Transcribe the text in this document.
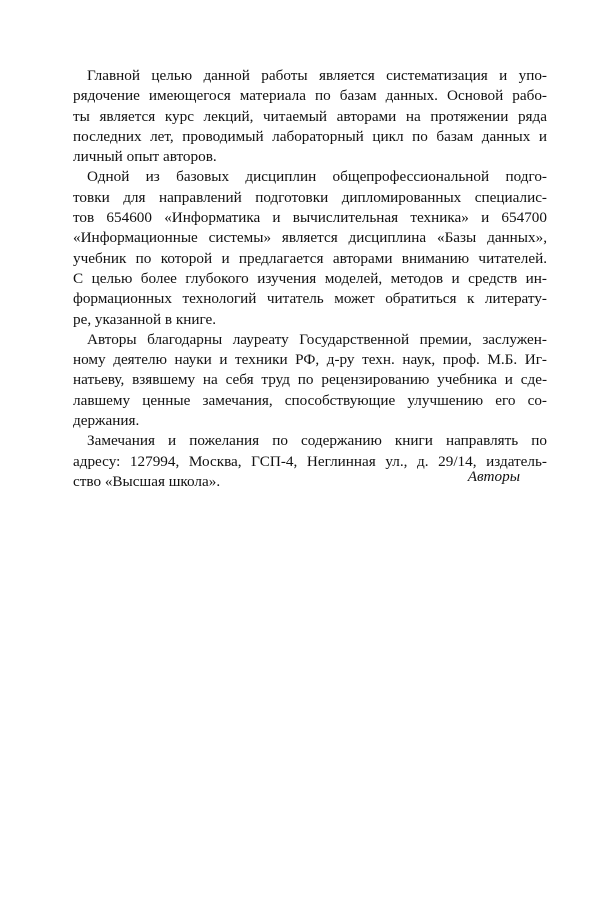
Главной целью данной работы является систематизация и упо-
рядочение имеющегося материала по базам данных. Основой рабо-
ты является курс лекций, читаемый авторами на протяжении ряда
последних лет, проводимый лабораторный цикл по базам данных и
личный опыт авторов.
Одной из базовых дисциплин общепрофессиональной подго-
товки для направлений подготовки дипломированных специалис-
тов 654600 «Информатика и вычислительная техника» и 654700
«Информационные системы» является дисциплина «Базы данных»,
учебник по которой и предлагается авторами вниманию читателей.
С целью более глубокого изучения моделей, методов и средств ин-
формационных технологий читатель может обратиться к литерату-
ре, указанной в книге.
Авторы благодарны лауреату Государственной премии, заслужен-
ному деятелю науки и техники РФ, д-ру техн. наук, проф. М.Б. Иг-
натьеву, взявшему на себя труд по рецензированию учебника и сде-
лавшему ценные замечания, способствующие улучшению его со-
держания.
Замечания и пожелания по содержанию книги направлять по
адресу: 127994, Москва, ГСП-4, Неглинная ул., д. 29/14, издатель-
ство «Высшая школа».	Авторы
